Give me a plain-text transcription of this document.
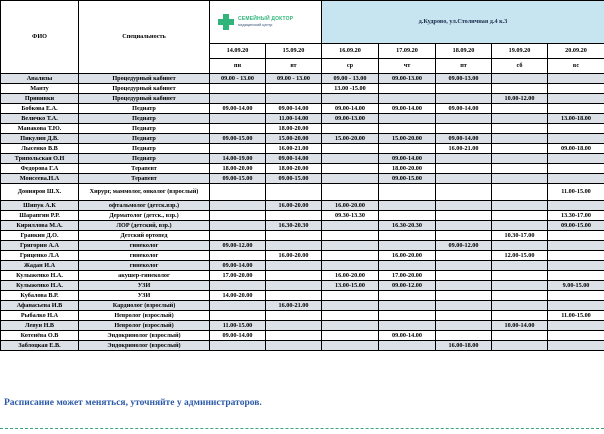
ФИО	Специальность	СЕМЕЙНЫЙ ДОКТОР
медицинский центр		д.Кудрово, ул.Столичная д.4 к.3				
		14.09.20	15.09.20	16.09.20	17.09.20	18.09.20	19.09.20	20.09.20
		пн	вт	ср	чт	пт	сб	вс
Анализы	Процедурный кабинет	09.00 - 13.00	09.00 - 13.00	09.00 - 13.00	09.00-13.00	09.00-13.00		
Манту	Процедурный кабинет			13.00 -15.00				
Прививки	Процедурный кабинет						10.00-12.00	
Бобкова Е.А.	Педиатр	09.00-14.00	09.00-14.00	09.00-14.00	09.00-14.00	09.00-14.00		
Величко Т.А.	Педиатр		11.00-14.00	09.00-13.00				13.00-18.00
Манакова Т.Ю.	Педиатр		18.00-20.00					
Пикулин Д.В.	Педиатр	09.00-15.00	15.00-20.00	15.00-20.00	15.00-20.00	09.00-14.00		
Лысенко В.В	Педиатр		16.00-21.00			16.00-21.00		09.00-18.00
Трипольская О.Н	Педиатр	14.00-19.00	09.00-14.00		09.00-14.00			
Федорова Г.А	Терапевт	18.00-20.00	18.00-20.00		18.00-20.00			
Моисеева.Н.А	Терапевт	09.00-15.00	09.00-15.00		09.00-15.00			
Донияров Ш.Х.	Хирург, маммолог, онколог (взрослый)							11.00-15.00
Шипук А.К	офтальмолог (детск.взр.)		16.00-20.00	16.00-20.00				
Шарапгин Р.Р.	Дерматолог (детск., взр.)			09.30-13.30				13.30-17.00
Кириллова М.А.	ЛОР (детский, взр.)		16.30-20.30		16.30-20.30			09.00-15.00
Гранкин Д.О.	Детский ортопед						10.30-17.00	
Григорин А.А	гинеколог	09.00-12.00				09.00-12.00		
Гриценко Л.А	гинеколог		16.00-20.00		16.00-20.00		12.00-15.00	
Жадан И.А	гинеколог	09.00-14.00						
Кулыженко Н.А.	акушер-гинеколог	17.00-20.00		16.00-20.00	17.00-20.00			
Кулыженко Н.А.	УЗИ			13.00-15.00	09.00-12.00			9.00-15.00
Кубалова В.Р.	УЗИ	14.00-20.00						
Афанасьева И.В	Кардиолог (взрослый)		16.00-21.00					
Рыбалко Н.А	Невролог (взрослый)							11.00-15.00
Левун Н.В	Невролог (взрослый)	11.00-15.00					10.00-14.00	
Котенёва О.В	Эндокринолог (взрослый)	09.00-14.00			09.00-14.00			
Заблоцкая Е.В.	Эндокринолог (взрослый)					16.00-18.00		
Расписание может меняться, уточняйте у администраторов.
